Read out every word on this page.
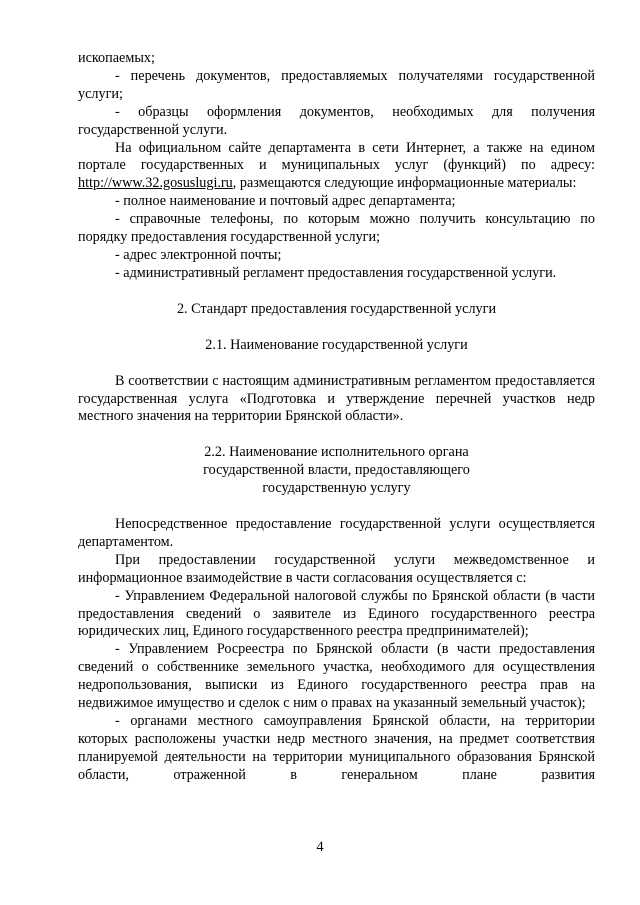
ископаемых;

- перечень документов, предоставляемых получателями государственной услуги;

- образцы оформления документов, необходимых для получения государственной услуги.

На официальном сайте департамента в сети Интернет, а также на едином портале государственных и муниципальных услуг (функций) по адресу: http://www.32.gosuslugi.ru, размещаются следующие информационные материалы:

- полное наименование и почтовый адрес департамента;

- справочные телефоны, по которым можно получить консультацию по порядку предоставления государственной услуги;

- адрес электронной почты;

- административный регламент предоставления государственной услуги.

2. Стандарт предоставления государственной услуги

2.1. Наименование государственной услуги

В соответствии с настоящим административным регламентом предоставляется государственная услуга «Подготовка и утверждение перечней участков недр местного значения на территории Брянской области».

2.2. Наименование исполнительного органа

государственной власти, предоставляющего

государственную услугу

Непосредственное предоставление государственной услуги осуществляется департаментом.

При предоставлении государственной услуги межведомственное и информационное взаимодействие в части согласования осуществляется с:

- Управлением Федеральной налоговой службы по Брянской области (в части предоставления сведений о заявителе из Единого государственного реестра юридических лиц, Единого государственного реестра предпринимателей);

- Управлением Росреестра по Брянской области (в части предоставления сведений о собственнике земельного участка, необходимого для осуществления недропользования, выписки из Единого государственного реестра прав на недвижимое имущество и сделок с ним о правах на указанный земельный участок);

- органами местного самоуправления Брянской области, на территории которых расположены участки недр местного значения, на предмет соответствия планируемой деятельности на территории муниципального образования Брянской области, отраженной в генеральном плане развития

4
